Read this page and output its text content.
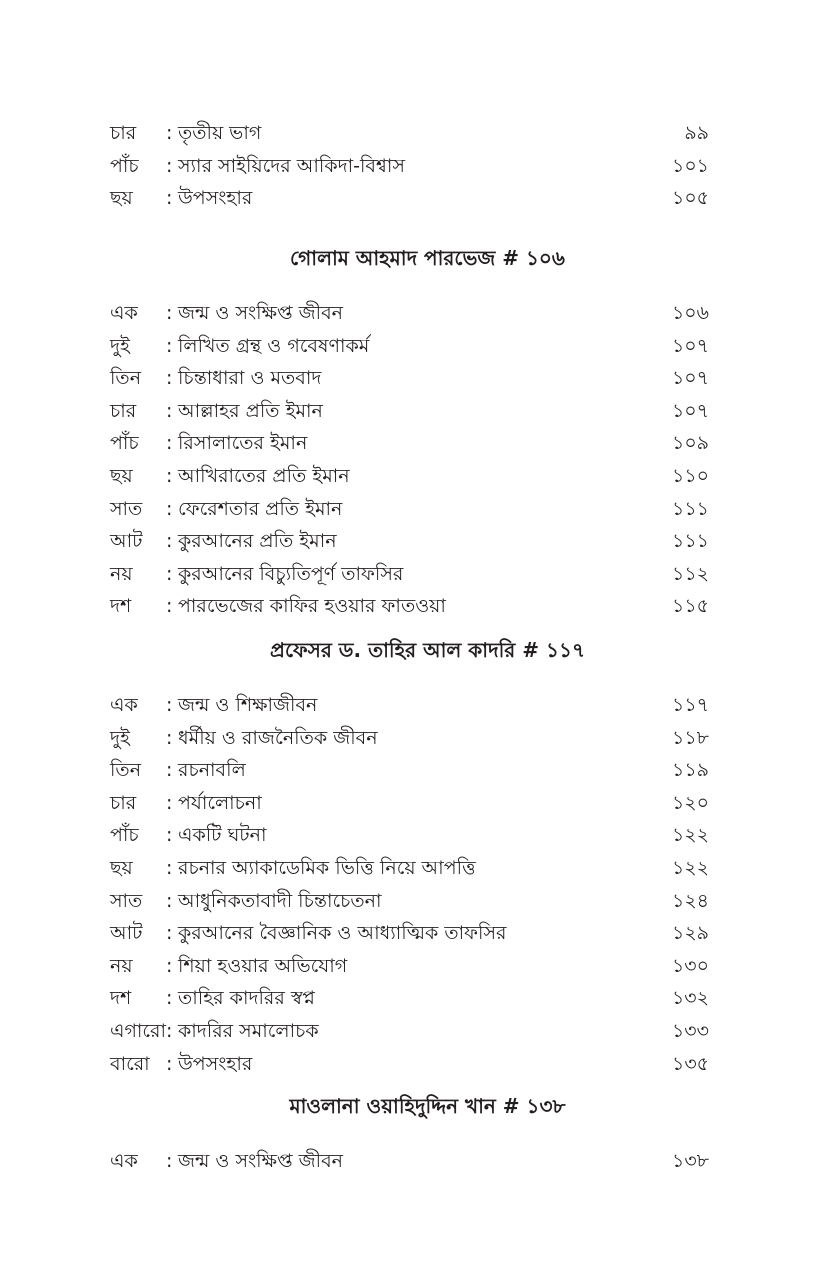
চার : তৃতীয় ভাগ	৯৯
পাঁচ : স্যার সাইয়িদের আকিদা-বিশ্বাস	১০১
ছয় : উপসংহার	১০৫
গোলাম আহমাদ পারভেজ # ১০৬
এক : জন্ম ও সংক্ষিপ্ত জীবন	১০৬
দুই : লিখিত গ্রন্থ ও গবেষণাকর্ম	১০৭
তিন : চিন্তাধারা ও মতবাদ	১০৭
চার : আল্লাহর প্রতি ইমান	১০৭
পাঁচ : রিসালাতের ইমান	১০৯
ছয় : আখিরাতের প্রতি ইমান	১১০
সাত : ফেরেশতার প্রতি ইমান	১১১
আট : কুরআনের প্রতি ইমান	১১১
নয় : কুরআনের বিচ্যুতিপূর্ণ তাফসির	১১২
দশ : পারভেজের কাফির হওয়ার ফাতওয়া	১১৫
প্রফেসর ড. তাহির আল কাদরি # ১১৭
এক : জন্ম ও শিক্ষাজীবন	১১৭
দুই : ধর্মীয় ও রাজনৈতিক জীবন	১১৮
তিন : রচনাবলি	১১৯
চার : পর্যালোচনা	১২০
পাঁচ : একটি ঘটনা	১২২
ছয় : রচনার অ্যাকাডেমিক ভিত্তি নিয়ে আপত্তি	১২২
সাত : আধুনিকতাবাদী চিন্তাচেতনা	১২৪
আট : কুরআনের বৈজ্ঞানিক ও আধ্যাত্মিক তাফসির	১২৯
নয় : শিয়া হওয়ার অভিযোগ	১৩০
দশ : তাহির কাদরির স্বপ্ন	১৩২
এগারো : কাদরির সমালোচক	১৩৩
বারো : উপসংহার	১৩৫
মাওলানা ওয়াহিদুদ্দিন খান # ১৩৮
এক : জন্ম ও সংক্ষিপ্ত জীবন	১৩৮
